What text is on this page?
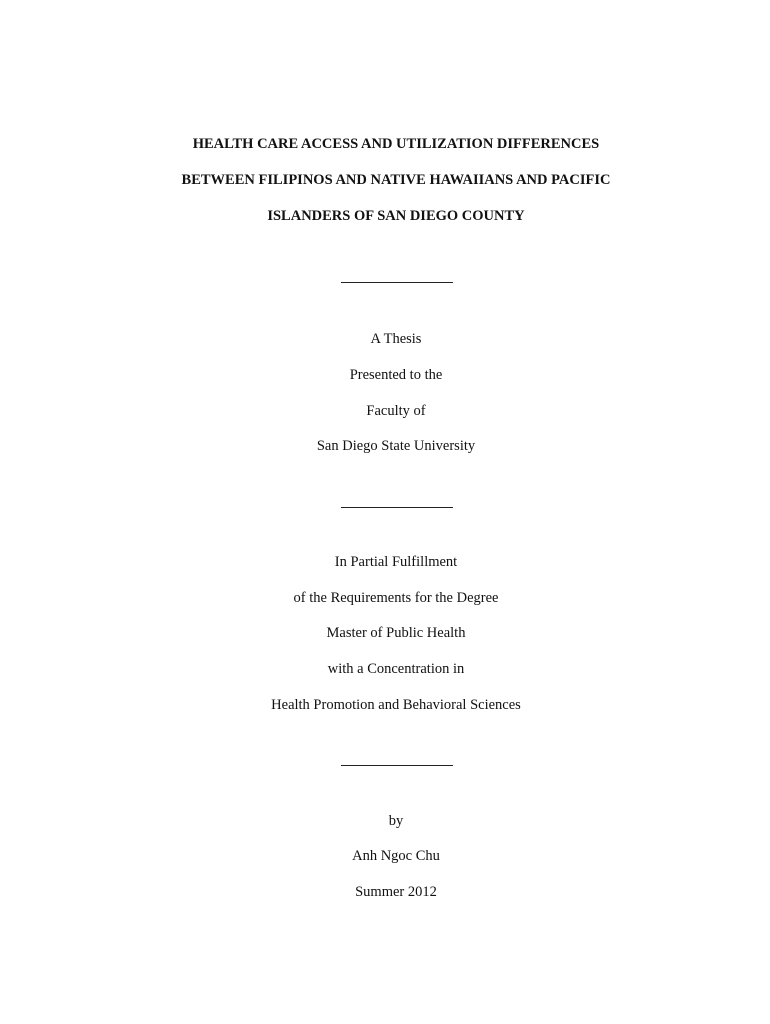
HEALTH CARE ACCESS AND UTILIZATION DIFFERENCES
BETWEEN FILIPINOS AND NATIVE HAWAIIANS AND PACIFIC
ISLANDERS OF SAN DIEGO COUNTY
A Thesis
Presented to the
Faculty of
San Diego State University
In Partial Fulfillment
of the Requirements for the Degree
Master of Public Health
with a Concentration in
Health Promotion and Behavioral Sciences
by
Anh Ngoc Chu
Summer 2012
